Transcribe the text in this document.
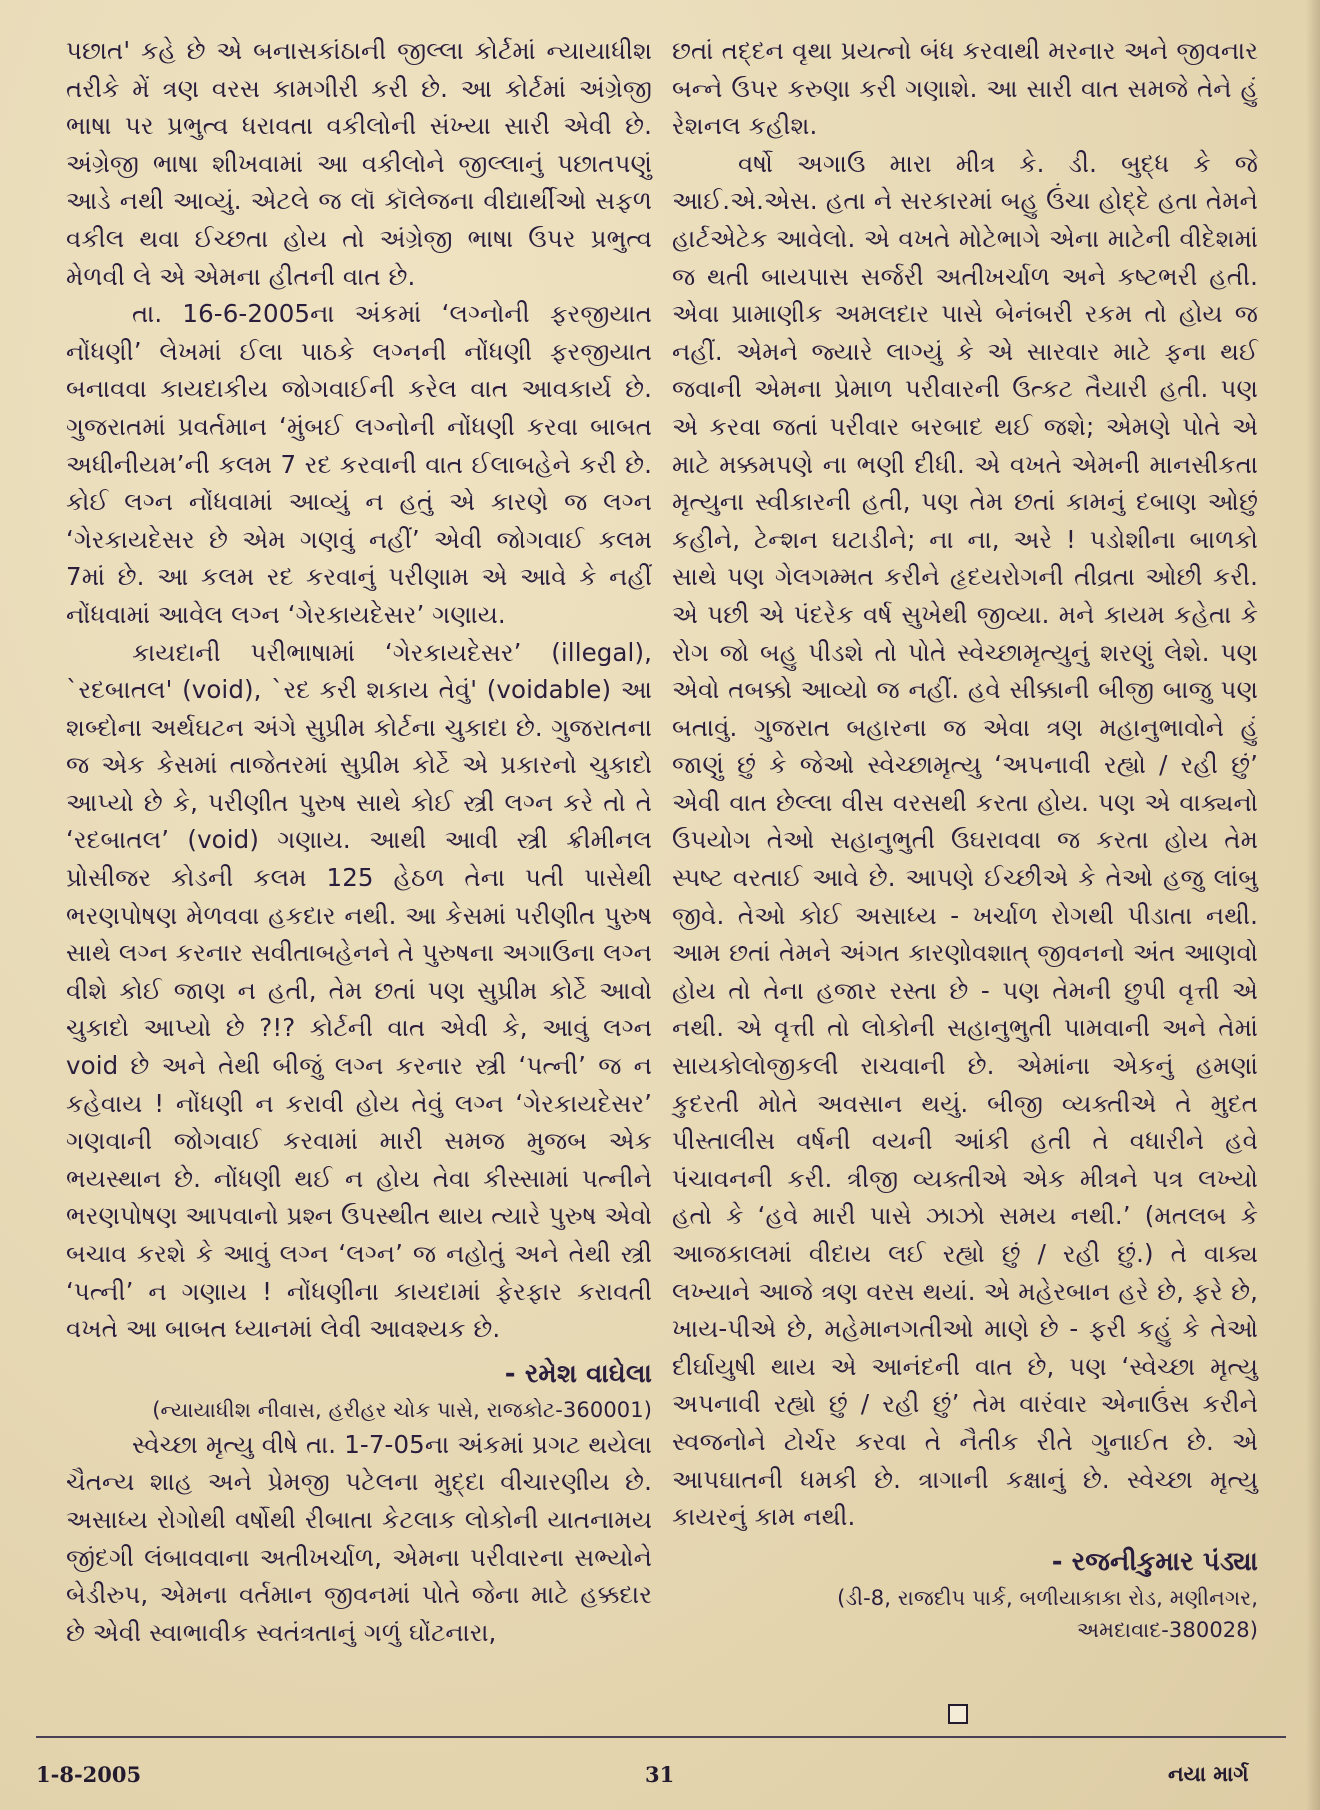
પછાત' કહે છે એ બનાસકાંઠાની જીલ્લા કોર્ટમાં ન્યાયાધીશ તરીકે મેં ત્રણ વરસ કામગીરી કરી છે. આ કોર્ટમાં અંગ્રેજી ભાષા પર પ્રભુત્વ ધરાવતા વકીલોની સંખ્યા સારી એવી છે. અંગ્રેજી ભાષા શીખવામાં આ વકીલોને જીલ્લાનું પછાતપણું આડે નથી આવ્યું. એટલે જ લૉ કૉલેજના વીદ્યાર્થીઓ સફળ વકીલ થવા ઈચ્છતા હોય તો અંગ્રેજી ભાષા ઉપર પ્રભુત્વ મેળવી લે એ એમના હીતની વાત છે.

તા. 16-6-2005ના અંકમાં ‘લગ્નોની ફરજીયાત નોંધણી’ લેખમાં ઈલા પાઠકે લગ્નની નોંધણી ફરજીયાત બનાવવા કાયદાકીય જોગવાઈની કરેલ વાત આવકાર્ય છે. ગુજરાતમાં પ્રવર્તમાન ‘મુંબઈ લગ્નોની નોંધણી કરવા બાબત અધીનીયમ’ની કલમ 7 રદ કરવાની વાત ઈલાબહેને કરી છે. કોઈ લગ્ન નોંધવામાં આવ્યું ન હતું એ કારણે જ લગ્ન ‘ગેરકાયદેસર છે એમ ગણવું નહીં’ એવી જોગવાઈ કલમ 7માં છે. આ કલમ રદ કરવાનું પરીણામ એ આવે કે નહીં નોંધવામાં આવેલ લગ્ન ‘ગેરકાયદેસર’ ગણાય.

કાયદાની પરીભાષામાં ‘ગેરકાયદેસર’ (illegal), `રદબાતલ' (void), `રદ કરી શકાય તેવું' (voidable) આ શબ્દોના અર્થઘટન અંગે સુપ્રીમ કોર્ટના ચુકાદા છે. ગુજરાતના જ એક કેસમાં તાજેતરમાં સુપ્રીમ કોર્ટે એ પ્રકારનો ચુકાદો આપ્યો છે કે, પરીણીત પુરુષ સાથે કોઈ સ્ત્રી લગ્ન કરે તો તે ‘રદબાતલ’ (void) ગણાય. આથી આવી સ્ત્રી ક્રીમીનલ પ્રોસીજર કોડની કલમ 125 હેઠળ તેના પતી પાસેથી ભરણપોષણ મેળવવા હકદાર નથી. આ કેસમાં પરીણીત પુરુષ સાથે લગ્ન કરનાર સવીતાબહેનને તે પુરુષના અગાઉના લગ્ન વીશે કોઈ જાણ ન હતી, તેમ છતાં પણ સુપ્રીમ કોર્ટે આવો ચુકાદો આપ્યો છે ?!? કોર્ટની વાત એવી કે, આવું લગ્ન void છે અને તેથી બીજું લગ્ન કરનાર સ્ત્રી ‘પત્ની’ જ ન કહેવાય ! નોંધણી ન કરાવી હોય તેવું લગ્ન ‘ગેરકાયદેસર’ ગણવાની જોગવાઈ કરવામાં મારી સમજ મુજબ એક ભયસ્થાન છે. નોંધણી થઈ ન હોય તેવા કીસ્સામાં પત્નીને ભરણપોષણ આપવાનો પ્રશ્ન ઉપસ્થીત થાય ત્યારે પુરુષ એવો બચાવ કરશે કે આવું લગ્ન ‘લગ્ન’ જ નહોતું અને તેથી સ્ત્રી ‘પત્ની’ ન ગણાય ! નોંધણીના કાયદામાં ફેરફાર કરાવતી વખતે આ બાબત ધ્યાનમાં લેવી આવશ્યક છે.

- રમેશ વાઘેલા
(ન્યાયાધીશ નીવાસ, હરીહર ચોક પાસે, રાજકોટ-360001)

સ્વેચ્છા મૃત્યુ વીષે તા. 1-7-05ના અંકમાં પ્રગટ થયેલા ચૈતન્ય શાહ અને પ્રેમજી પટેલના મુદ્દા વીચારણીય છે. અસાધ્ય રોગોથી વર્ષોથી રીબાતા કેટલાક લોકોની યાતનામય જીંદગી લંબાવવાના અતીખર્ચાળ, એમના પરીવારના સભ્યોને બેડીરુપ, એમના વર્તમાન જીવનમાં પોતે જેના માટે હક્કદાર છે એવી સ્વાભાવીક સ્વતંત્રતાનું ગળું ઘોંટનારા,

છતાં તદ્દન વૃથા પ્રયત્નો બંધ કરવાથી મરનાર અને જીવનાર બન્ને ઉપર કરુણા કરી ગણાશે. આ સારી વાત સમજે તેને હું રેશનલ કહીશ.

વર્ષો અગાઉ મારા મીત્ર કે. ડી. બુદ્ધ કે જે આઈ.એ.એસ. હતા ને સરકારમાં બહુ ઉંચા હોદ્દે હતા તેમને હાર્ટએટેક આવેલો. એ વખતે મોટેભાગે એના માટેની વીદેશમાં જ થતી બાયપાસ સર્જરી અતીખર્ચાળ અને કષ્ટભરી હતી. એવા પ્રામાણીક અમલદાર પાસે બેનંબરી રકમ તો હોય જ નહીં. એમને જ્યારે લાગ્યું કે એ સારવાર માટે ફના થઈ જવાની એમના પ્રેમાળ પરીવારની ઉત્કટ તૈયારી હતી. પણ એ કરવા જતાં પરીવાર બરબાદ થઈ જશે; એમણે પોતે એ માટે મક્કમપણે ના ભણી દીધી. એ વખતે એમની માનસીકતા મૃત્યુના સ્વીકારની હતી, પણ તેમ છતાં કામનું દબાણ ઓછું કહીને, ટેન્શન ઘટાડીને; ના ના, અરે ! પડોશીના બાળકો સાથે પણ ગેલગમ્મત કરીને હૃદયરોગની તીવ્રતા ઓછી કરી. એ પછી એ પંદરેક વર્ષ સુખેથી જીવ્યા. મને કાયમ કહેતા કે રોગ જો બહુ પીડશે તો પોતે સ્વેચ્છામૃત્યુનું શરણું લેશે. પણ એવો તબક્કો આવ્યો જ નહીં. હવે સીક્કાની બીજી બાજુ પણ બતાવું. ગુજરાત બહારના જ એવા ત્રણ મહાનુભાવોને હું જાણું છું કે જેઓ સ્વેચ્છામૃત્યુ ‘અપનાવી રહ્યો / રહી છું’ એવી વાત છેલ્લા વીસ વરસથી કરતા હોય. પણ એ વાક્યનો ઉપયોગ તેઓ સહાનુભુતી ઉઘરાવવા જ કરતા હોય તેમ સ્પષ્ટ વરતાઈ આવે છે. આપણે ઈચ્છીએ કે તેઓ હજુ લાંબુ જીવે. તેઓ કોઈ અસાધ્ય - ખર્ચાળ રોગથી પીડાતા નથી. આમ છતાં તેમને અંગત કારણોવશાત્ જીવનનો અંત આણવો હોય તો તેના હજાર રસ્તા છે - પણ તેમની છુપી વૃત્તી એ નથી. એ વૃત્તી તો લોકોની સહાનુભુતી પામવાની અને તેમાં સાયકોલોજીકલી રાચવાની છે. એમાંના એકનું હમણાં કુદરતી મોતે અવસાન થયું. બીજી વ્યક્તીએ તે મુદત પીસ્તાલીસ વર્ષની વયની આંકી હતી તે વધારીને હવે પંચાવનની કરી. ત્રીજી વ્યક્તીએ એક મીત્રને પત્ર લખ્યો હતો કે ‘હવે મારી પાસે ઝાઝો સમય નથી.’ (મતલબ કે આજકાલમાં વીદાય લઈ રહ્યો છું / રહી છું.) તે વાક્ય લખ્યાને આજે ત્રણ વરસ થયાં. એ મહેરબાન હરે છે, ફરે છે, ખાય-પીએ છે, મહેમાનગતીઓ માણે છે - ફરી કહું કે તેઓ દીર્ઘાયુષી થાય એ આનંદની વાત છે, પણ ‘સ્વેચ્છા મૃત્યુ અપનાવી રહ્યો છું / રહી છું’ તેમ વારંવાર એનાઉંસ કરીને સ્વજનોને ટોર્ચર કરવા તે નૈતીક રીતે ગુનાઈત છે. એ આપઘાતની ધમકી છે. ત્રાગાની કક્ષાનું છે. સ્વેચ્છા મૃત્યુ કાયરનું કામ નથી.

- રજનીકુમાર પંડ્યા
(ડી-8, રાજદીપ પાર્ક, બળીયાકાકા રોડ, મણીનગર,
અમદાવાદ-380028)
1-8-2005	31	નયા માર્ગ
